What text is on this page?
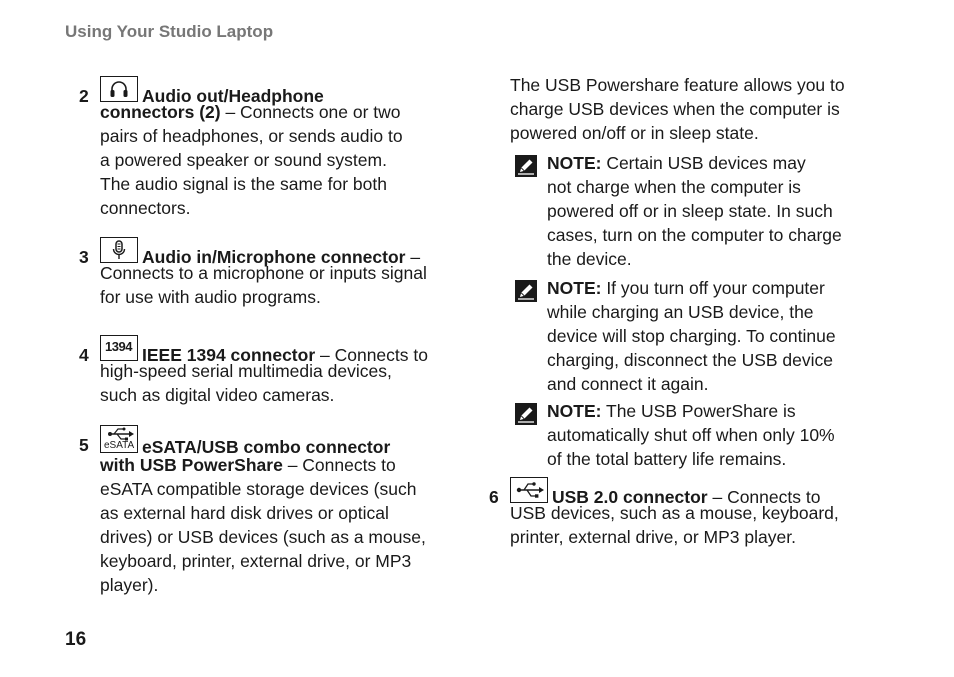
Using Your Studio Laptop
2	Audio out/Headphone
connectors (2) – Connects one or two
pairs of headphones, or sends audio to
a powered speaker or sound system.
The audio signal is the same for both
connectors.
3	Audio in/Microphone connector –
Connects to a microphone or inputs signal
for use with audio programs.
4 1394 IEEE 1394 connector – Connects to
high-speed serial multimedia devices,
such as digital video cameras.
5 eSATA eSATA/USB combo connector
with USB PowerShare – Connects to
eSATA compatible storage devices (such
as external hard disk drives or optical
drives) or USB devices (such as a mouse,
keyboard, printer, external drive, or MP3
player).
The USB Powershare feature allows you to
charge USB devices when the computer is
powered on/off or in sleep state.
NOTE: Certain USB devices may
not charge when the computer is
powered off or in sleep state. In such
cases, turn on the computer to charge
the device.
NOTE: If you turn off your computer
while charging an USB device, the
device will stop charging. To continue
charging, disconnect the USB device
and connect it again.
NOTE: The USB PowerShare is
automatically shut off when only 10%
of the total battery life remains.
6	USB 2.0 connector – Connects to
USB devices, such as a mouse, keyboard,
printer, external drive, or MP3 player.
16
